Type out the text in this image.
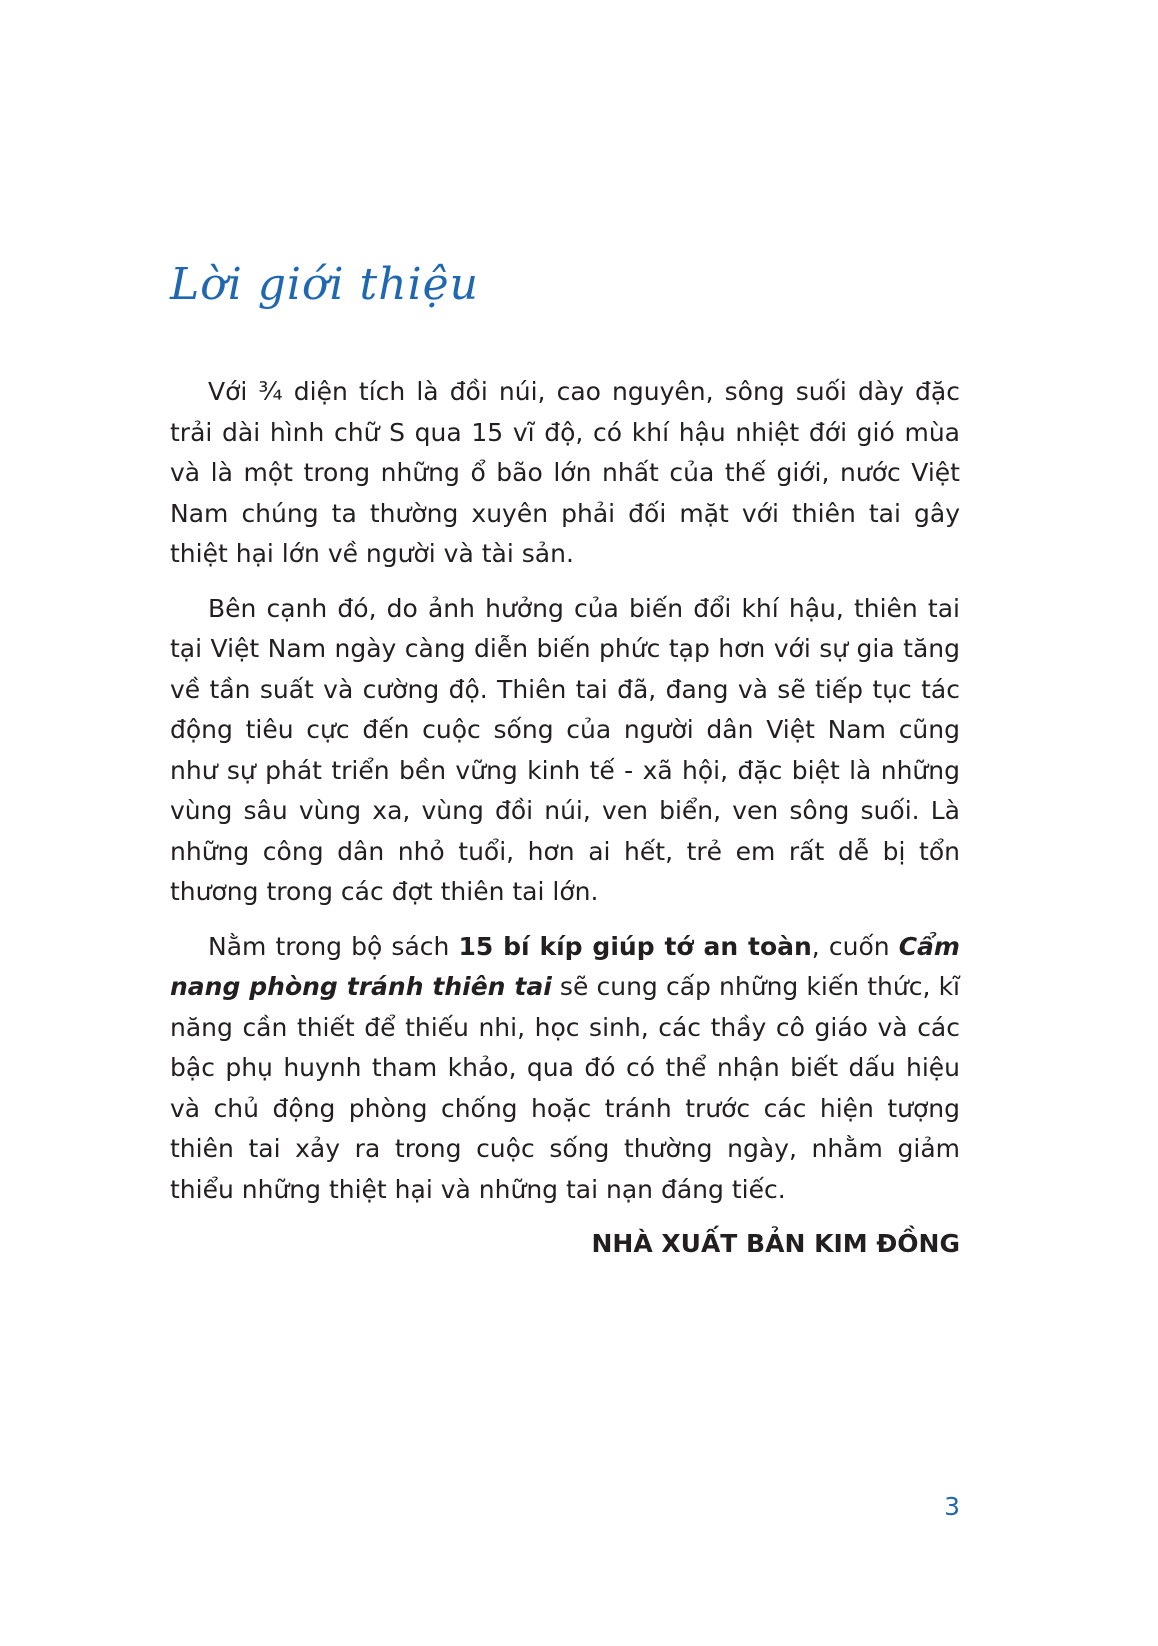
Lời giới thiệu

Với ¾ diện tích là đồi núi, cao nguyên, sông suối dày đặc trải dài hình chữ S qua 15 vĩ độ, có khí hậu nhiệt đới gió mùa và là một trong những ổ bão lớn nhất của thế giới, nước Việt Nam chúng ta thường xuyên phải đối mặt với thiên tai gây thiệt hại lớn về người và tài sản.

Bên cạnh đó, do ảnh hưởng của biến đổi khí hậu, thiên tai tại Việt Nam ngày càng diễn biến phức tạp hơn với sự gia tăng về tần suất và cường độ. Thiên tai đã, đang và sẽ tiếp tục tác động tiêu cực đến cuộc sống của người dân Việt Nam cũng như sự phát triển bền vững kinh tế - xã hội, đặc biệt là những vùng sâu vùng xa, vùng đồi núi, ven biển, ven sông suối. Là những công dân nhỏ tuổi, hơn ai hết, trẻ em rất dễ bị tổn thương trong các đợt thiên tai lớn.

Nằm trong bộ sách 15 bí kíp giúp tớ an toàn, cuốn Cẩm nang phòng tránh thiên tai sẽ cung cấp những kiến thức, kĩ năng cần thiết để thiếu nhi, học sinh, các thầy cô giáo và các bậc phụ huynh tham khảo, qua đó có thể nhận biết dấu hiệu và chủ động phòng chống hoặc tránh trước các hiện tượng thiên tai xảy ra trong cuộc sống thường ngày, nhằm giảm thiểu những thiệt hại và những tai nạn đáng tiếc.

NHÀ XUẤT BẢN KIM ĐỒNG

3
